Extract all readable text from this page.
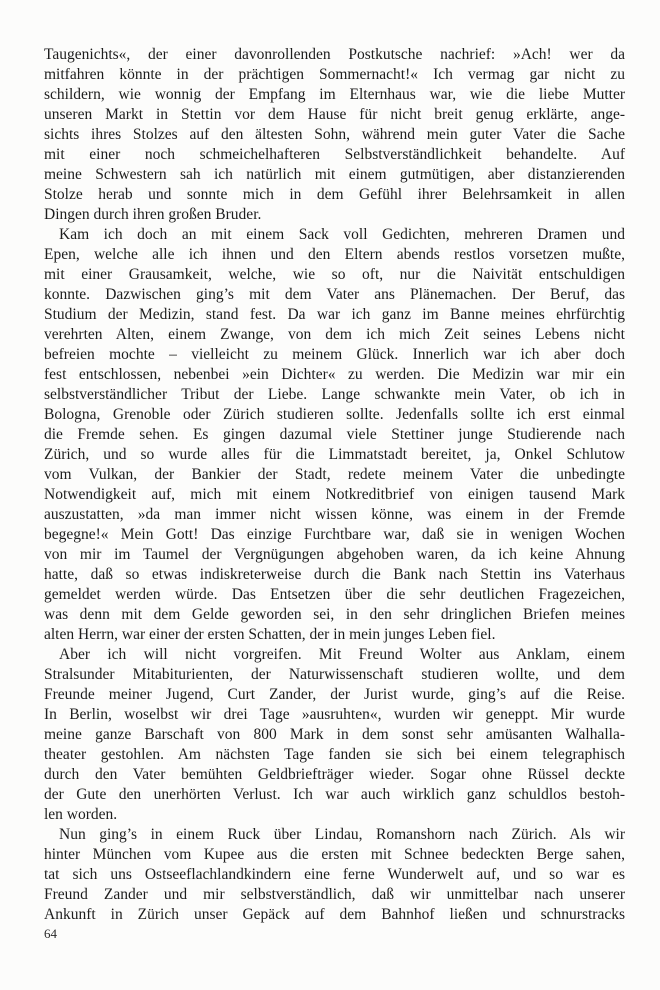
Taugenichts«, der einer davonrollenden Postkutsche nachrief: »Ach! wer da
mitfahren könnte in der prächtigen Sommernacht!« Ich vermag gar nicht zu
schildern, wie wonnig der Empfang im Elternhaus war, wie die liebe Mutter
unseren Markt in Stettin vor dem Hause für nicht breit genug erklärte, ange-
sichts ihres Stolzes auf den ältesten Sohn, während mein guter Vater die Sache
mit einer noch schmeichelhafteren Selbstverständlichkeit behandelte. Auf
meine Schwestern sah ich natürlich mit einem gutmütigen, aber distanzierenden
Stolze herab und sonnte mich in dem Gefühl ihrer Belehrsamkeit in allen
Dingen durch ihren großen Bruder.
Kam ich doch an mit einem Sack voll Gedichten, mehreren Dramen und
Epen, welche alle ich ihnen und den Eltern abends restlos vorsetzen mußte,
mit einer Grausamkeit, welche, wie so oft, nur die Naivität entschuldigen
konnte. Dazwischen ging’s mit dem Vater ans Plänemachen. Der Beruf, das
Studium der Medizin, stand fest. Da war ich ganz im Banne meines ehrfürchtig
verehrten Alten, einem Zwange, von dem ich mich Zeit seines Lebens nicht
befreien mochte – vielleicht zu meinem Glück. Innerlich war ich aber doch
fest entschlossen, nebenbei »ein Dichter« zu werden. Die Medizin war mir ein
selbstverständlicher Tribut der Liebe. Lange schwankte mein Vater, ob ich in
Bologna, Grenoble oder Zürich studieren sollte. Jedenfalls sollte ich erst einmal
die Fremde sehen. Es gingen dazumal viele Stettiner junge Studierende nach
Zürich, und so wurde alles für die Limmatstadt bereitet, ja, Onkel Schlutow
vom Vulkan, der Bankier der Stadt, redete meinem Vater die unbedingte
Notwendigkeit auf, mich mit einem Notkreditbrief von einigen tausend Mark
auszustatten, »da man immer nicht wissen könne, was einem in der Fremde
begegne!« Mein Gott! Das einzige Furchtbare war, daß sie in wenigen Wochen
von mir im Taumel der Vergnügungen abgehoben waren, da ich keine Ahnung
hatte, daß so etwas indiskreterweise durch die Bank nach Stettin ins Vaterhaus
gemeldet werden würde. Das Entsetzen über die sehr deutlichen Fragezeichen,
was denn mit dem Gelde geworden sei, in den sehr dringlichen Briefen meines
alten Herrn, war einer der ersten Schatten, der in mein junges Leben fiel.
Aber ich will nicht vorgreifen. Mit Freund Wolter aus Anklam, einem
Stralsunder Mitabiturienten, der Naturwissenschaft studieren wollte, und dem
Freunde meiner Jugend, Curt Zander, der Jurist wurde, ging’s auf die Reise.
In Berlin, woselbst wir drei Tage »ausruhten«, wurden wir geneppt. Mir wurde
meine ganze Barschaft von 800 Mark in dem sonst sehr amüsanten Walhalla-
theater gestohlen. Am nächsten Tage fanden sie sich bei einem telegraphisch
durch den Vater bemühten Geldbriefträger wieder. Sogar ohne Rüssel deckte
der Gute den unerhörten Verlust. Ich war auch wirklich ganz schuldlos bestoh-
len worden.
Nun ging’s in einem Ruck über Lindau, Romanshorn nach Zürich. Als wir
hinter München vom Kupee aus die ersten mit Schnee bedeckten Berge sahen,
tat sich uns Ostseeflachlandkindern eine ferne Wunderwelt auf, und so war es
Freund Zander und mir selbstverständlich, daß wir unmittelbar nach unserer
Ankunft in Zürich unser Gepäck auf dem Bahnhof ließen und schnurstracks
64
